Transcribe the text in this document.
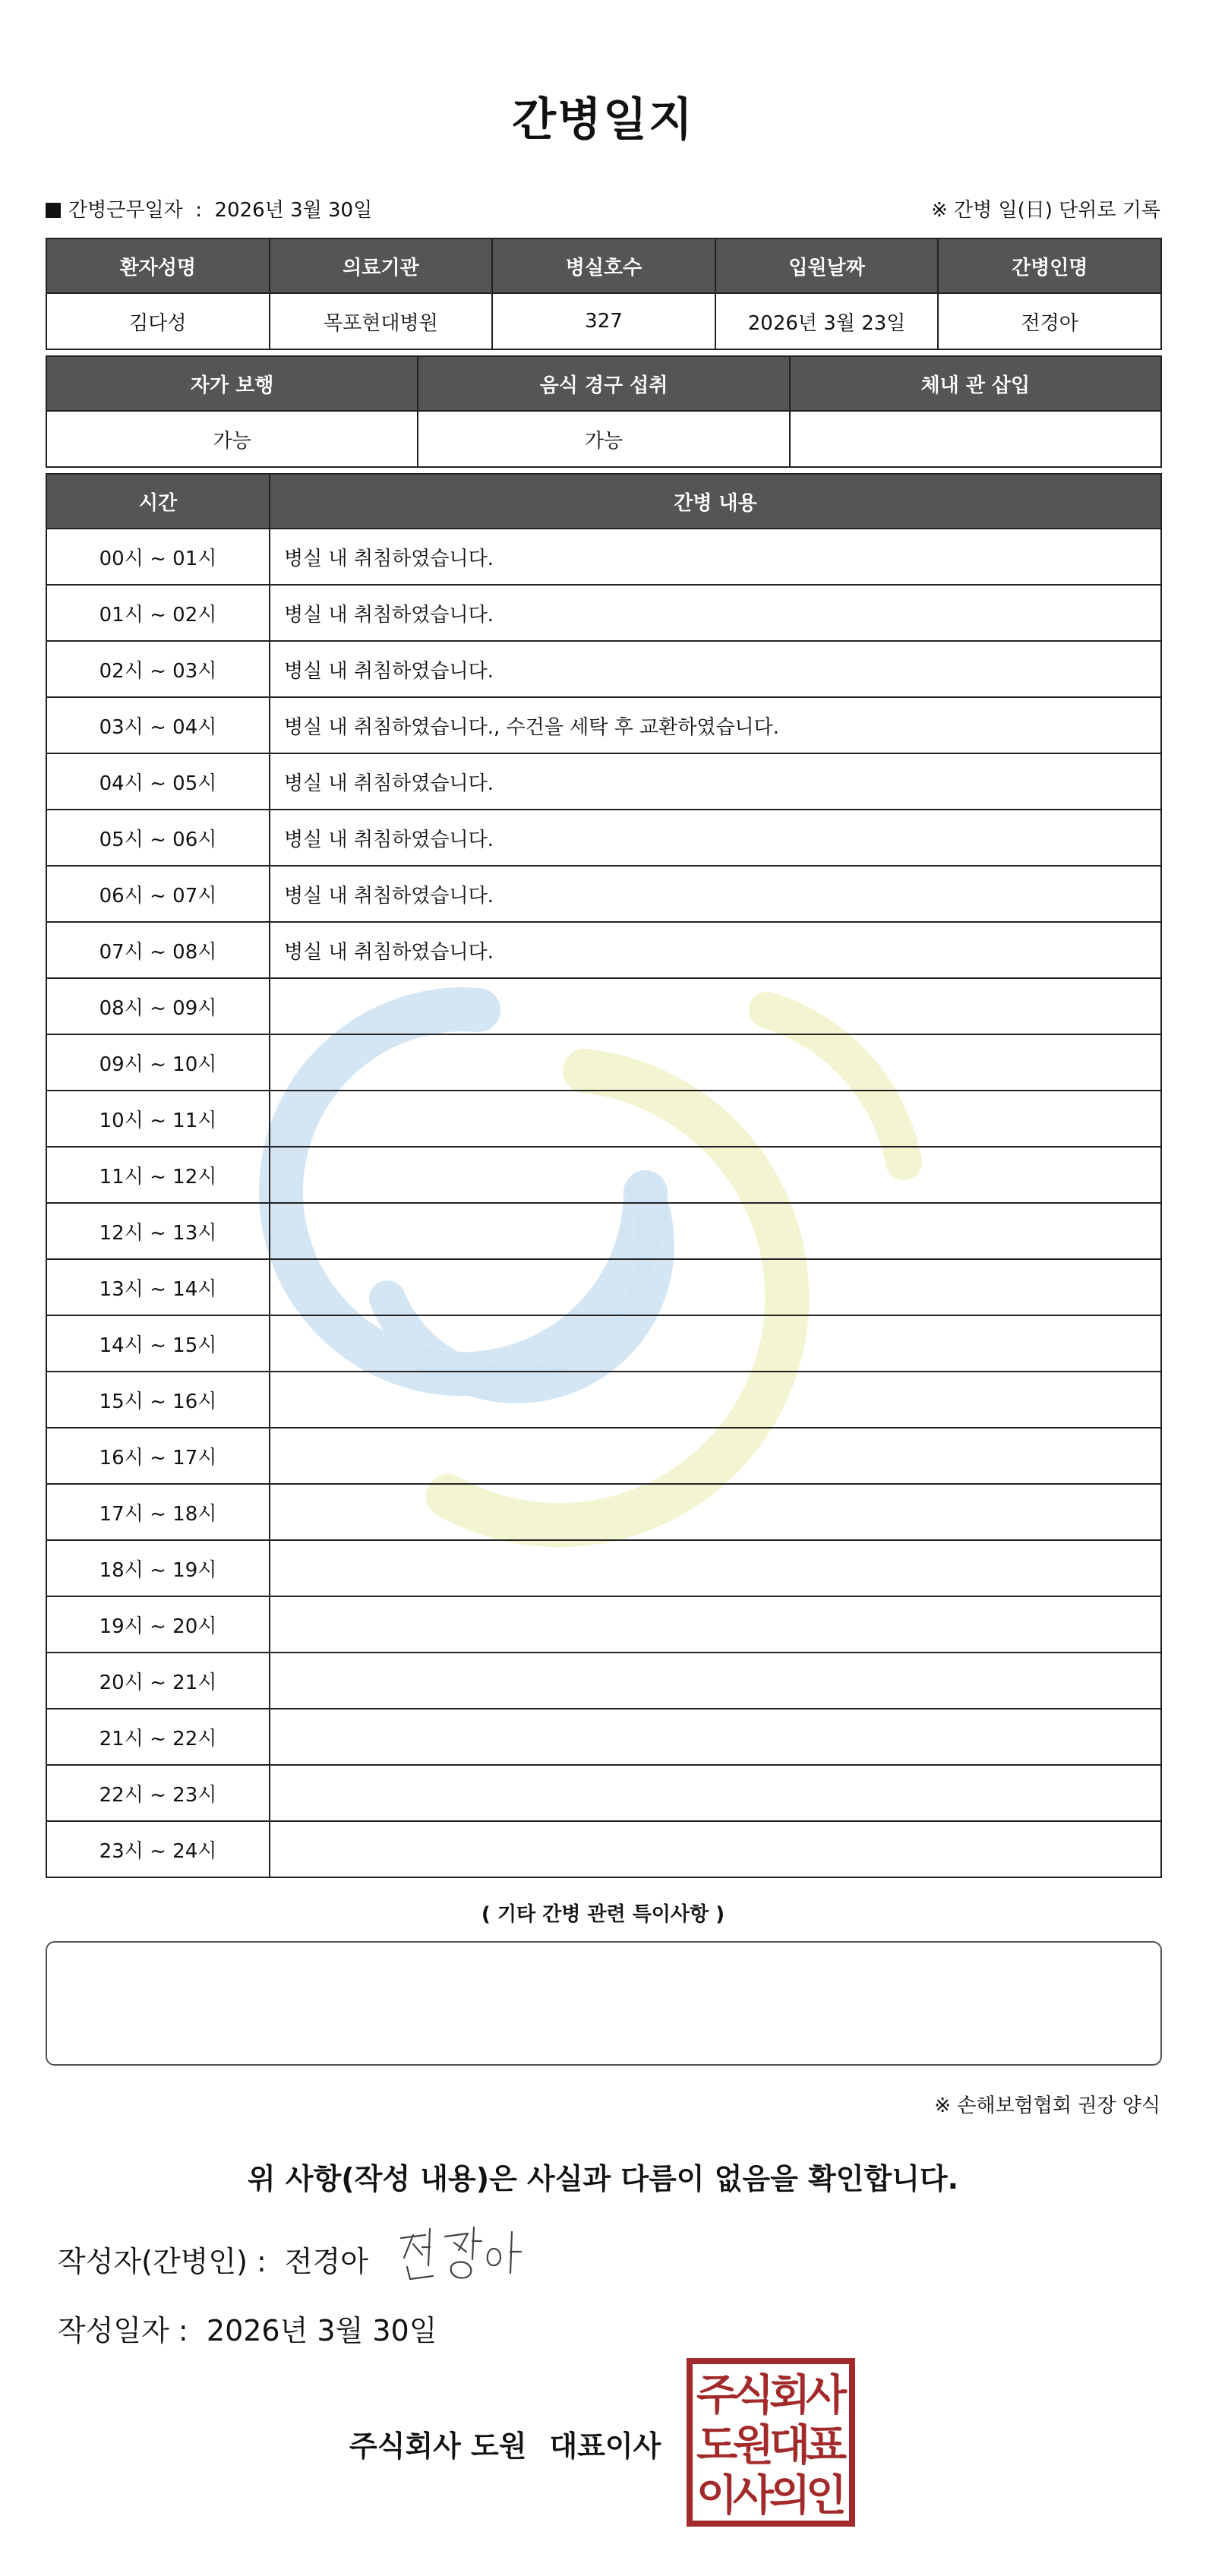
간병일지
간병근무일자 : 2026년 3월 30일	※ 간병 일(日) 단위로 기록
환자성명	의료기관	병실호수	입원날짜	간병인명
김다성	목포현대병원	327	2026년 3월 23일	전경아
자가 보행	음식 경구 섭취	체내 관 삽입
가능	가능
시간	간병 내용
00시 ~ 01시	병실 내 취침하였습니다.
01시 ~ 02시	병실 내 취침하였습니다.
02시 ~ 03시	병실 내 취침하였습니다.
03시 ~ 04시	병실 내 취침하였습니다., 수건을 세탁 후 교환하였습니다.
04시 ~ 05시	병실 내 취침하였습니다.
05시 ~ 06시	병실 내 취침하였습니다.
06시 ~ 07시	병실 내 취침하였습니다.
07시 ~ 08시	병실 내 취침하였습니다.
08시 ~ 09시
09시 ~ 10시
10시 ~ 11시
11시 ~ 12시
12시 ~ 13시
13시 ~ 14시
14시 ~ 15시
15시 ~ 16시
16시 ~ 17시
17시 ~ 18시
18시 ~ 19시
19시 ~ 20시
20시 ~ 21시
21시 ~ 22시
22시 ~ 23시
23시 ~ 24시
( 기타 간병 관련 특이사항 )
※ 손해보험협회 권장 양식
위 사항(작성 내용)은 사실과 다름이 없음을 확인합니다.
작성자(간병인) : 전경아
작성일자 : 2026년 3월 30일
주식회사 도원 대표이사
주
식
회
사
도
원
대
표
이
사
의
인
